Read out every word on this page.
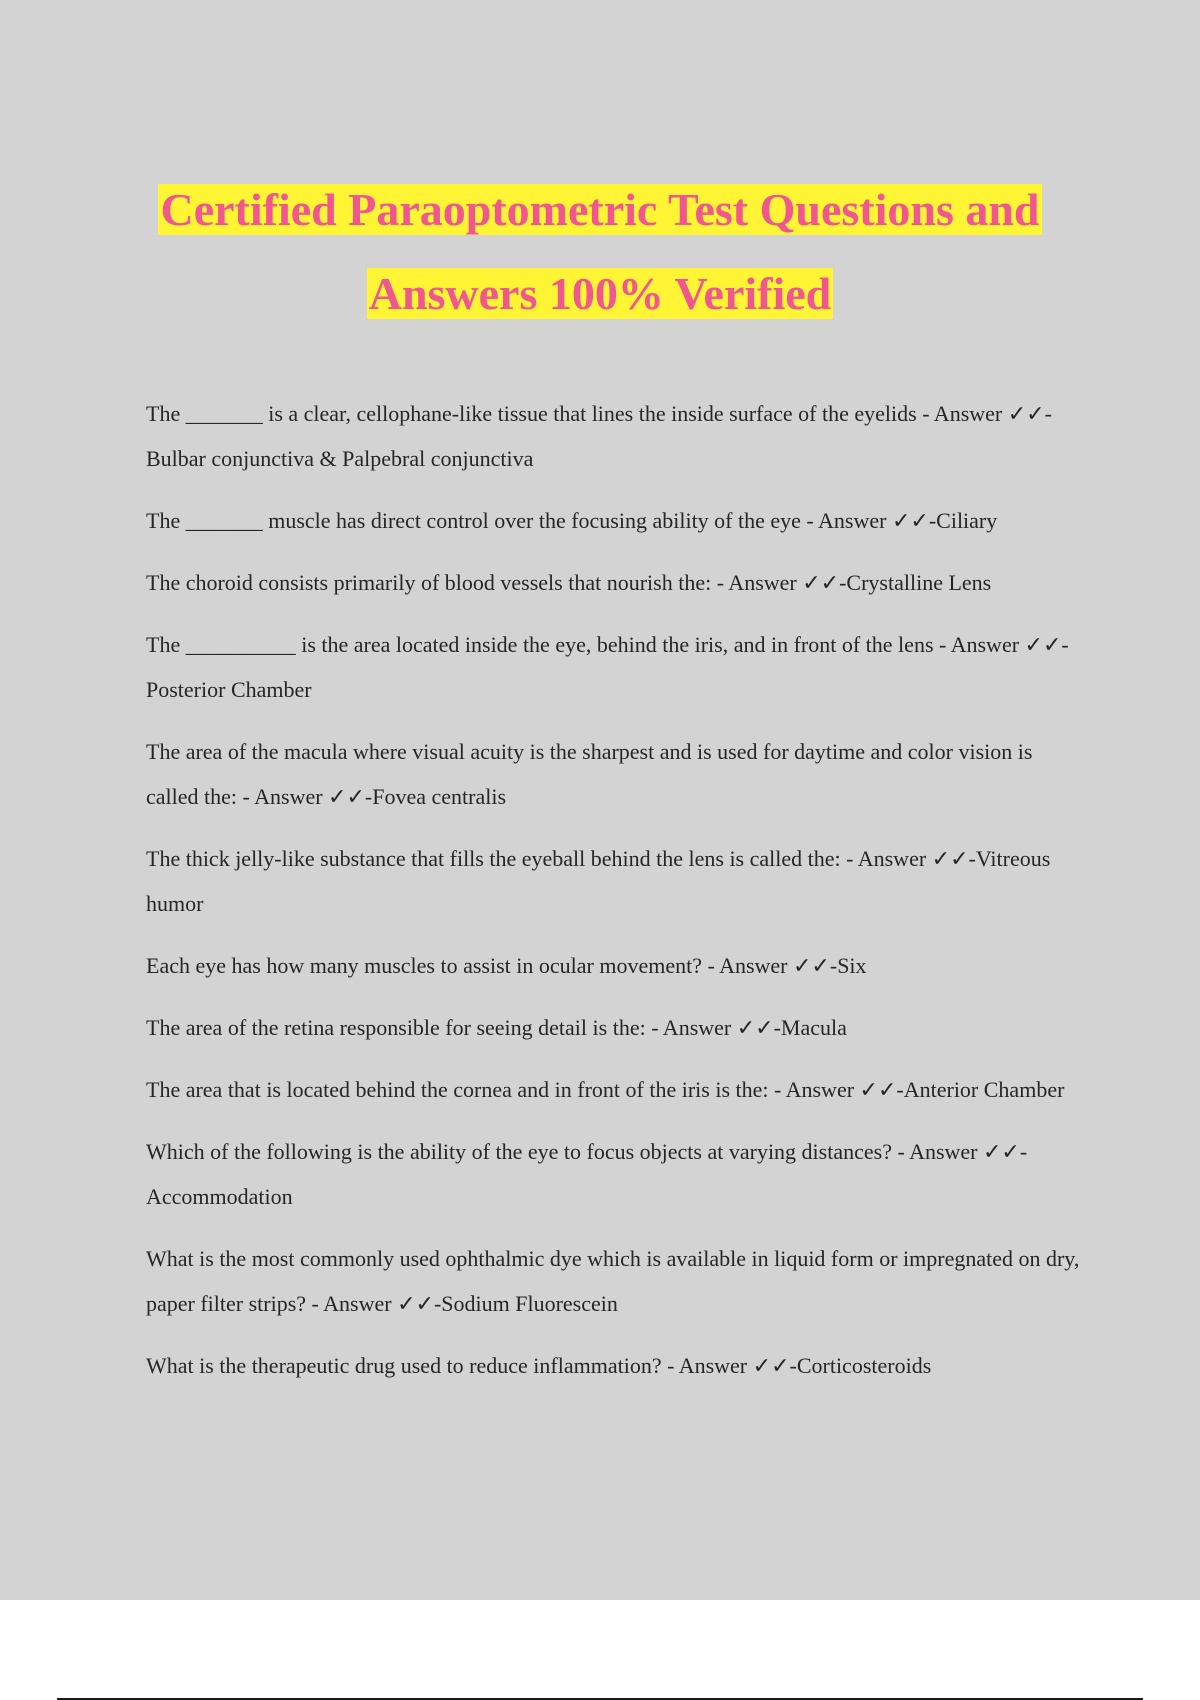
Certified Paraoptometric Test Questions and
Answers 100% Verified

The _______ is a clear, cellophane-like tissue that lines the inside surface of the eyelids - Answer ✓✓-Bulbar conjunctiva & Palpebral conjunctiva

The _______ muscle has direct control over the focusing ability of the eye - Answer ✓✓-Ciliary

The choroid consists primarily of blood vessels that nourish the: - Answer ✓✓-Crystalline Lens

The __________ is the area located inside the eye, behind the iris, and in front of the lens - Answer ✓✓-Posterior Chamber

The area of the macula where visual acuity is the sharpest and is used for daytime and color vision is called the: - Answer ✓✓-Fovea centralis

The thick jelly-like substance that fills the eyeball behind the lens is called the: - Answer ✓✓-Vitreous humor

Each eye has how many muscles to assist in ocular movement? - Answer ✓✓-Six

The area of the retina responsible for seeing detail is the: - Answer ✓✓-Macula

The area that is located behind the cornea and in front of the iris is the: - Answer ✓✓-Anterior Chamber

Which of the following is the ability of the eye to focus objects at varying distances? - Answer ✓✓-Accommodation

What is the most commonly used ophthalmic dye which is available in liquid form or impregnated on dry, paper filter strips? - Answer ✓✓-Sodium Fluorescein

What is the therapeutic drug used to reduce inflammation? - Answer ✓✓-Corticosteroids
